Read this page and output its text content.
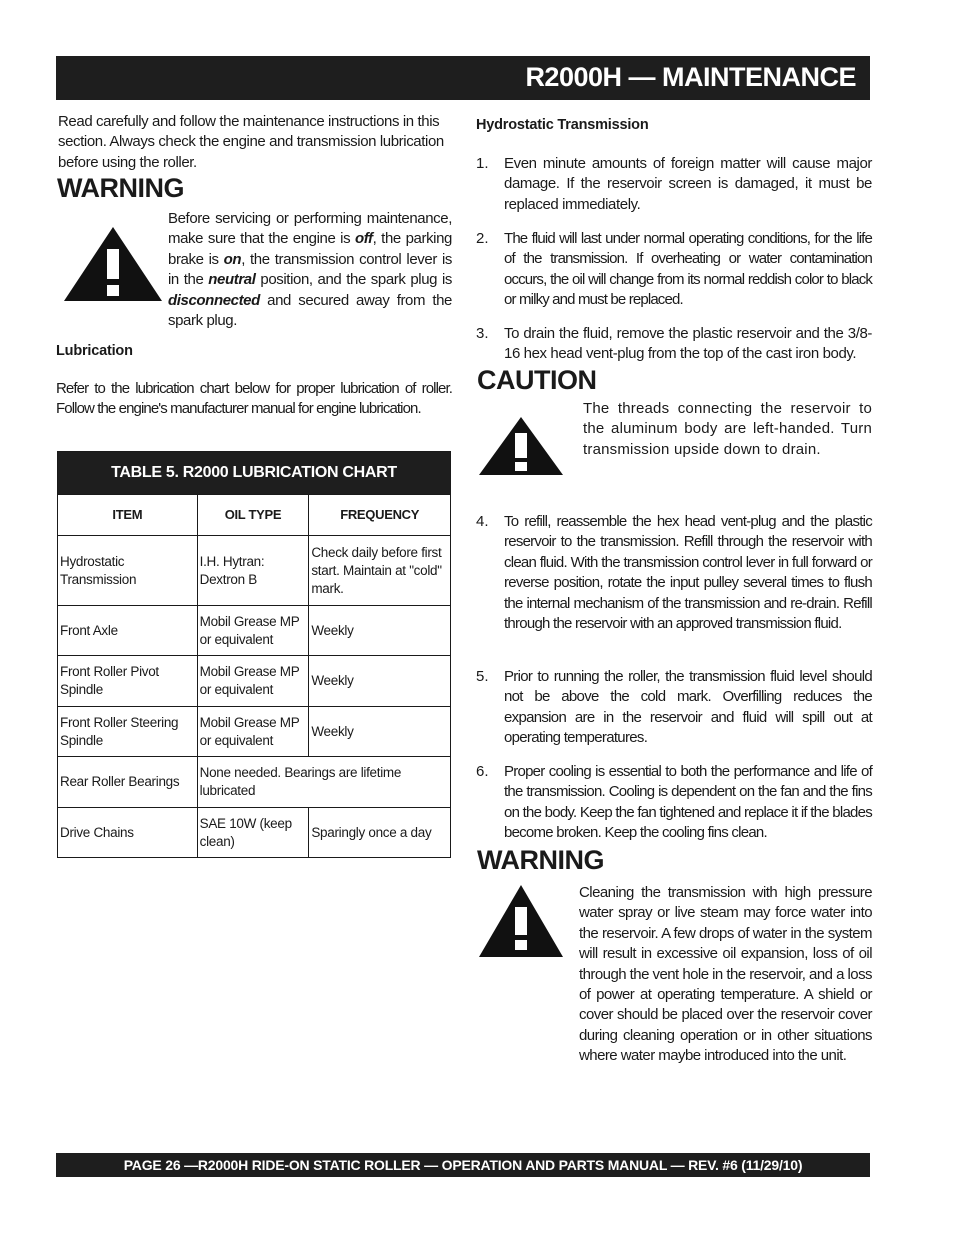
R2000H — MAINTENANCE
Read carefully and follow the maintenance instructions in this section. Always check the engine and transmission lubrication before using the roller.
WARNING
Before servicing or performing maintenance, make sure that the engine is off, the parking brake is on, the transmission control lever is in the neutral position, and the spark plug is disconnected and secured away from the spark plug.
Lubrication
Refer to the lubrication chart below for proper lubrication of roller. Follow the engine's manufacturer manual for engine lubrication.
TABLE 5. R2000 LUBRICATION CHART		
ITEM	OIL TYPE	FREQUENCY
Hydrostatic Transmission	I.H. Hytran: Dextron B	Check daily before first start. Maintain at "cold" mark.
Front Axle	Mobil Grease MP or equivalent	Weekly
Front Roller Pivot Spindle	Mobil Grease MP or equivalent	Weekly
Front Roller Steering Spindle	Mobil Grease MP or equivalent	Weekly
Rear Roller Bearings	None needed. Bearings are lifetime lubricated	
Drive Chains	SAE 10W (keep clean)	Sparingly once a day
Hydrostatic Transmission
1. Even minute amounts of foreign matter will cause major damage. If the reservoir screen is damaged, it must be replaced immediately.
2. The fluid will last under normal operating conditions, for the life of the transmission. If overheating or water contamination occurs, the oil will change from its normal reddish color to black or milky and must be replaced.
3. To drain the fluid, remove the plastic reservoir and the 3/8-16 hex head vent-plug from the top of the cast iron body.
CAUTION
The threads connecting the reservoir to the aluminum body are left-handed. Turn transmission upside down to drain.
4. To refill, reassemble the hex head vent-plug and the plastic reservoir to the transmission. Refill through the reservoir with clean fluid. With the transmission control lever in full forward or reverse position, rotate the input pulley several times to flush the internal mechanism of the transmission and re-drain. Refill through the reservoir with an approved transmission fluid.
5. Prior to running the roller, the transmission fluid level should not be above the cold mark. Overfilling reduces the expansion are in the reservoir and fluid will spill out at operating temperatures.
6. Proper cooling is essential to both the performance and life of the transmission. Cooling is dependent on the fan and the fins on the body. Keep the fan tightened and replace it if the blades become broken. Keep the cooling fins clean.
WARNING
Cleaning the transmission with high pressure water spray or live steam may force water into the reservoir. A few drops of water in the system will result in excessive oil expansion, loss of oil through the vent hole in the reservoir, and a loss of power at operating temperature. A shield or cover should be placed over the reservoir cover during cleaning operation or in other situations where water maybe introduced into the unit.
PAGE 26 —R2000H RIDE-ON STATIC ROLLER — OPERATION AND PARTS MANUAL — REV. #6 (11/29/10)
